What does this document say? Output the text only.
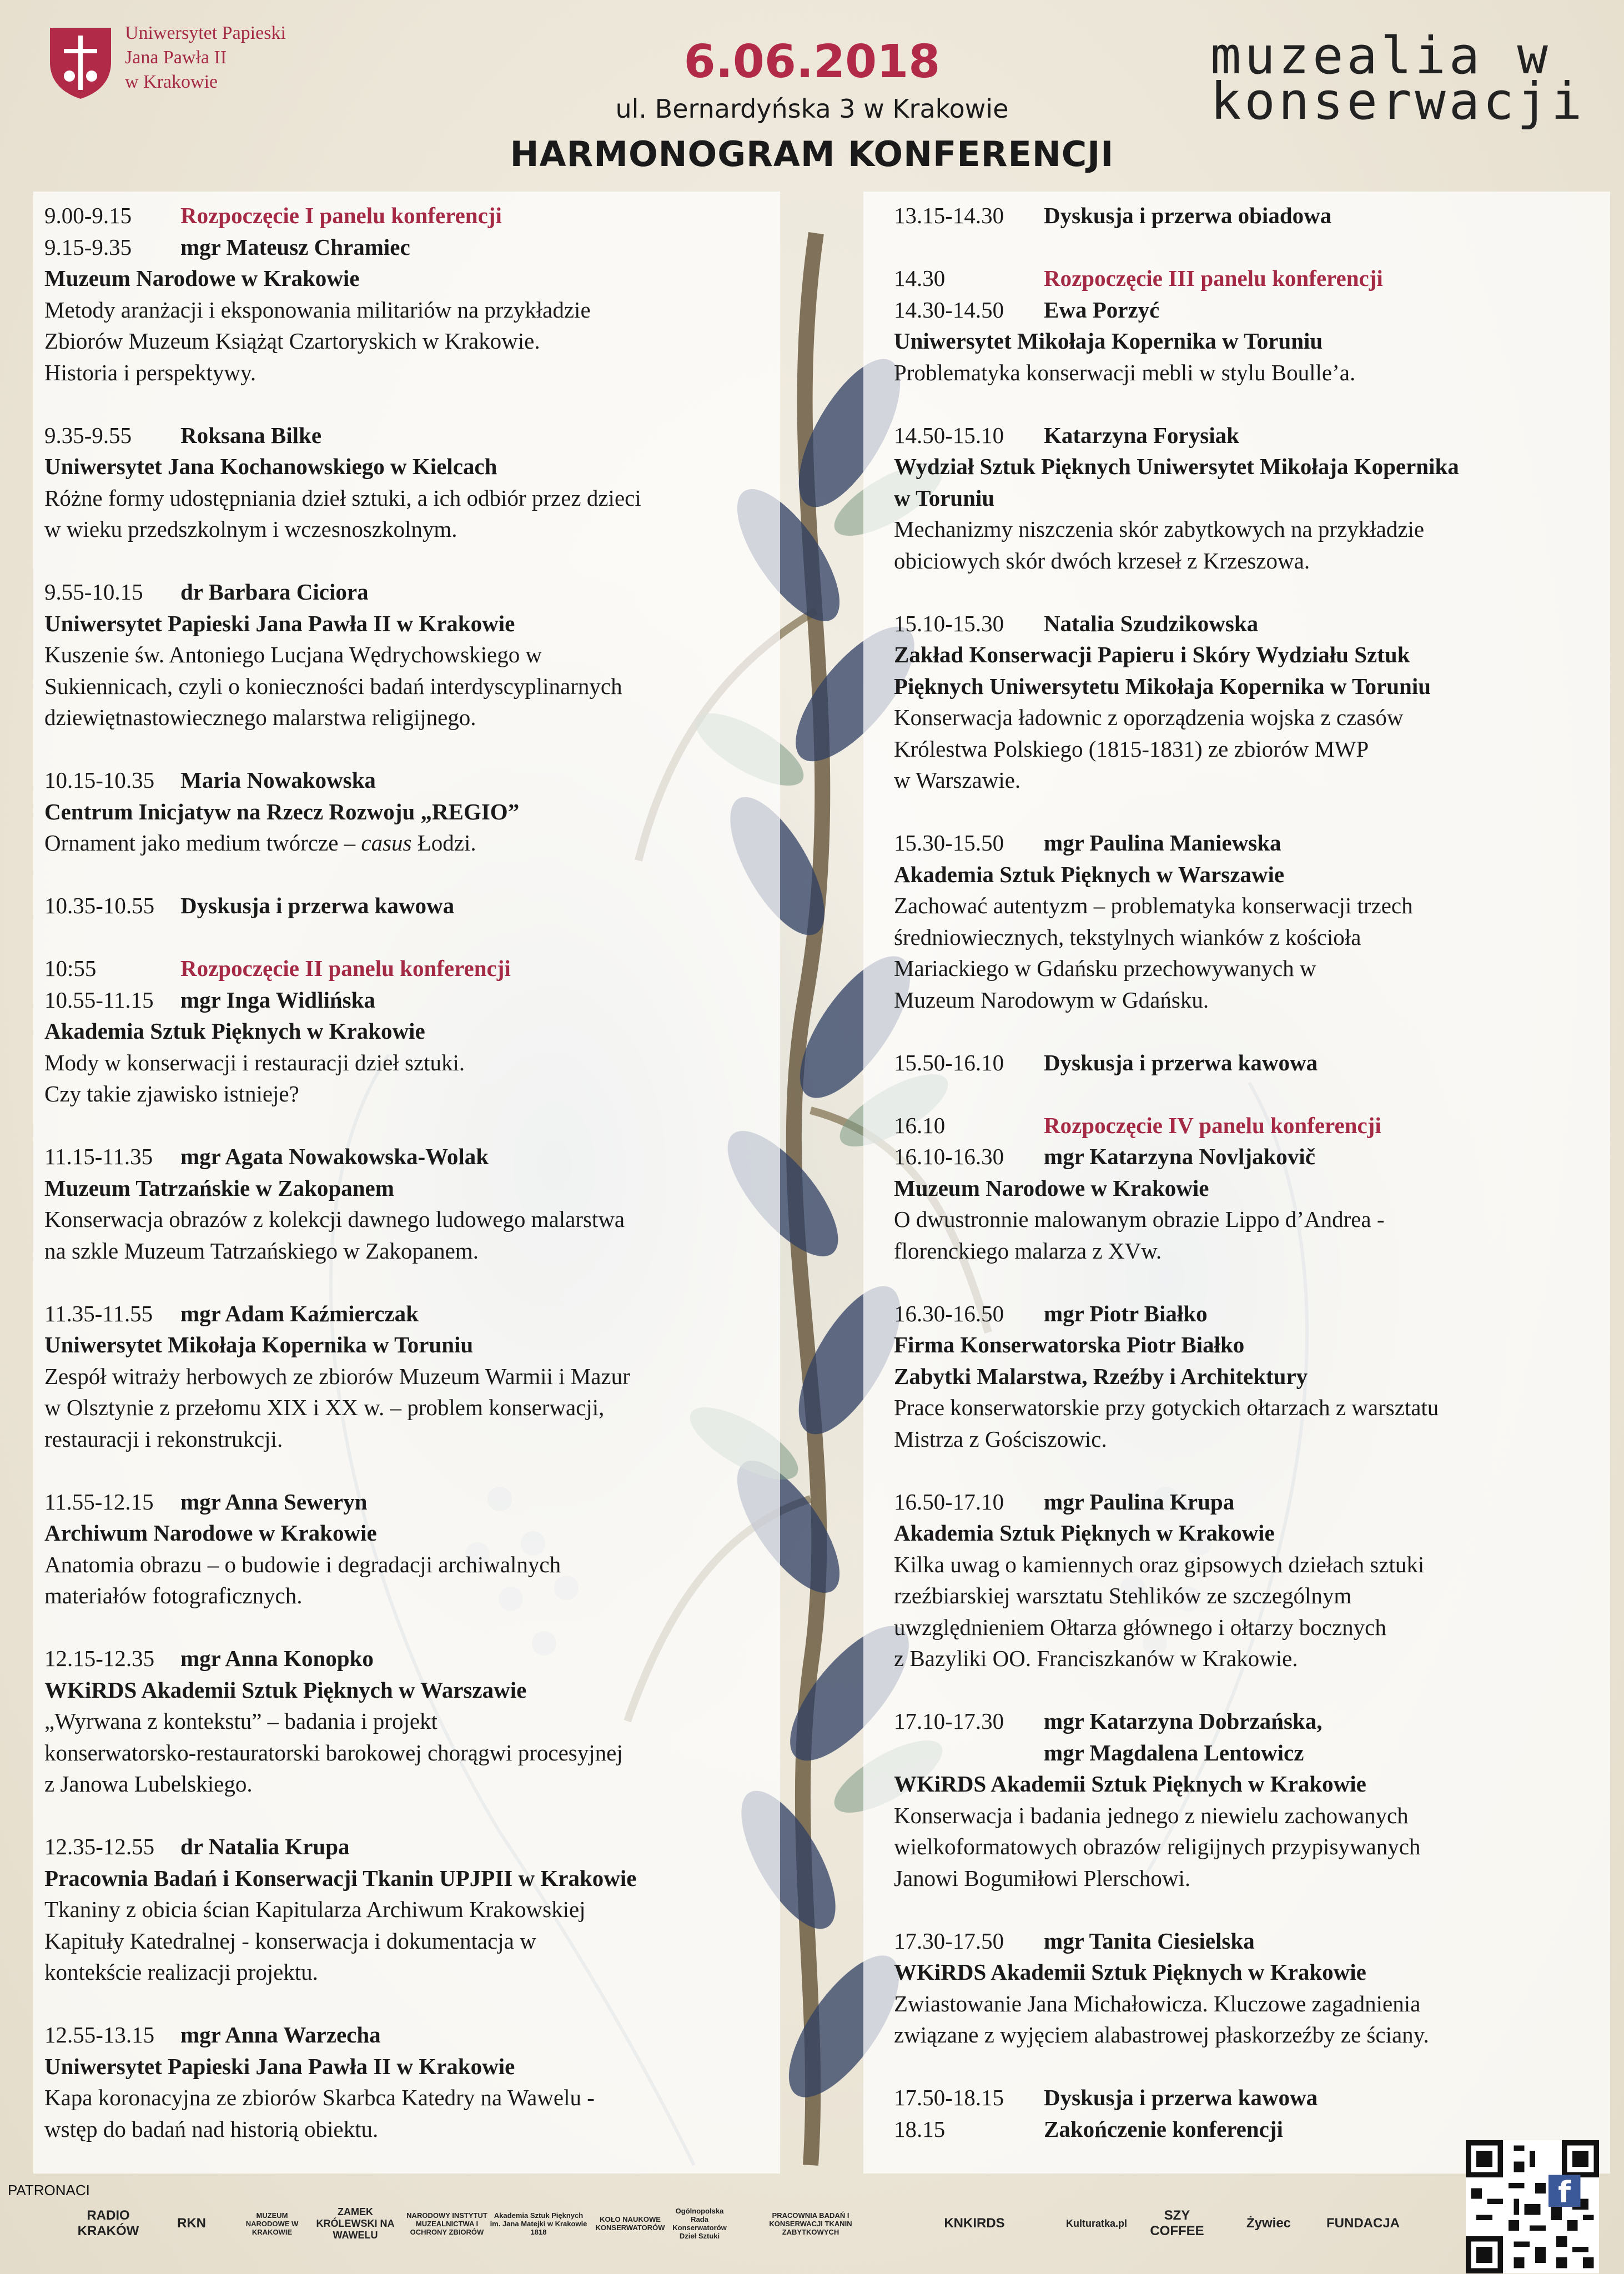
Uniwersytet Papieski
Jana Pawła II
w Krakowie	6.06.2018
ul. Bernardyńska 3 w Krakowie
HARMONOGRAM KONFERENCJI
muzealia w
konserwacji
9.00-9.15 Rozpoczęcie I panelu konferencji
9.15-9.35 mgr Mateusz Chramiec
Muzeum Narodowe w Krakowie
Metody aranżacji i eksponowania militariów na przykładzie
Zbiorów Muzeum Książąt Czartoryskich w Krakowie.
Historia i perspektywy.
9.35-9.55 Roksana Bilke
Uniwersytet Jana Kochanowskiego w Kielcach
Różne formy udostępniania dzieł sztuki, a ich odbiór przez dzieci
w wieku przedszkolnym i wczesnoszkolnym.
9.55-10.15 dr Barbara Ciciora
Uniwersytet Papieski Jana Pawła II w Krakowie
Kuszenie św. Antoniego Lucjana Wędrychowskiego w
Sukiennicach, czyli o konieczności badań interdyscyplinarnych
dziewiętnastowiecznego malarstwa religijnego.
10.15-10.35 Maria Nowakowska
Centrum Inicjatyw na Rzecz Rozwoju „REGIO”
Ornament jako medium twórcze – casus Łodzi.
10.35-10.55 Dyskusja i przerwa kawowa
10:55	Rozpoczęcie II panelu konferencji
10.55-11.15 mgr Inga Widlińska
Akademia Sztuk Pięknych w Krakowie
Mody w konserwacji i restauracji dzieł sztuki.
Czy takie zjawisko istnieje?
11.15-11.35 mgr Agata Nowakowska-Wolak
Muzeum Tatrzańskie w Zakopanem
Konserwacja obrazów z kolekcji dawnego ludowego malarstwa
na szkle Muzeum Tatrzańskiego w Zakopanem.
11.35-11.55 mgr Adam Kaźmierczak
Uniwersytet Mikołaja Kopernika w Toruniu
Zespół witraży herbowych ze zbiorów Muzeum Warmii i Mazur
w Olsztynie z przełomu XIX i XX w. – problem konserwacji,
restauracji i rekonstrukcji.
11.55-12.15 mgr Anna Seweryn
Archiwum Narodowe w Krakowie
Anatomia obrazu – o budowie i degradacji archiwalnych
materiałów fotograficznych.
12.15-12.35 mgr Anna Konopko
WKiRDS Akademii Sztuk Pięknych w Warszawie
„Wyrwana z kontekstu” – badania i projekt
konserwatorsko-restauratorski barokowej chorągwi procesyjnej
z Janowa Lubelskiego.
12.35-12.55 dr Natalia Krupa
Pracownia Badań i Konserwacji Tkanin UPJPII w Krakowie
Tkaniny z obicia ścian Kapitularza Archiwum Krakowskiej
Kapituły Katedralnej - konserwacja i dokumentacja w
kontekście realizacji projektu.
12.55-13.15 mgr Anna Warzecha
Uniwersytet Papieski Jana Pawła II w Krakowie
Kapa koronacyjna ze zbiorów Skarbca Katedry na Wawelu -
wstęp do badań nad historią obiektu.
13.15-14.30 Dyskusja i przerwa obiadowa
14.30	Rozpoczęcie III panelu konferencji
14.30-14.50 Ewa Porzyć
Uniwersytet Mikołaja Kopernika w Toruniu
Problematyka konserwacji mebli w stylu Boulle’a.
14.50-15.10 Katarzyna Forysiak
Wydział Sztuk Pięknych Uniwersytet Mikołaja Kopernika
w Toruniu
Mechanizmy niszczenia skór zabytkowych na przykładzie
obiciowych skór dwóch krzeseł z Krzeszowa.
15.10-15.30 Natalia Szudzikowska
Zakład Konserwacji Papieru i Skóry Wydziału Sztuk
Pięknych Uniwersytetu Mikołaja Kopernika w Toruniu
Konserwacja ładownic z oporządzenia wojska z czasów
Królestwa Polskiego (1815-1831) ze zbiorów MWP
w Warszawie.
15.30-15.50 mgr Paulina Maniewska
Akademia Sztuk Pięknych w Warszawie
Zachować autentyzm – problematyka konserwacji trzech
średniowiecznych, tekstylnych wianków z kościoła
Mariackiego w Gdańsku przechowywanych w
Muzeum Narodowym w Gdańsku.
15.50-16.10 Dyskusja i przerwa kawowa
16.10	Rozpoczęcie IV panelu konferencji
16.10-16.30 mgr Katarzyna Novljakovič
Muzeum Narodowe w Krakowie
O dwustronnie malowanym obrazie Lippo d’Andrea -
florenckiego malarza z XVw.
16.30-16.50 mgr Piotr Białko
Firma Konserwatorska Piotr Białko
Zabytki Malarstwa, Rzeźby i Architektury
Prace konserwatorskie przy gotyckich ołtarzach z warsztatu
Mistrza z Gościszowic.
16.50-17.10 mgr Paulina Krupa
Akademia Sztuk Pięknych w Krakowie
Kilka uwag o kamiennych oraz gipsowych dziełach sztuki
rzeźbiarskiej warsztatu Stehlików ze szczególnym
uwzględnieniem Ołtarza głównego i ołtarzy bocznych
z Bazyliki OO. Franciszkanów w Krakowie.
17.10-17.30 mgr Katarzyna Dobrzańska,
mgr Magdalena Lentowicz
WKiRDS Akademii Sztuk Pięknych w Krakowie
Konserwacja i badania jednego z niewielu zachowanych
wielkoformatowych obrazów religijnych przypisywanych
Janowi Bogumiłowi Plerschowi.
17.30-17.50 mgr Tanita Ciesielska
WKiRDS Akademii Sztuk Pięknych w Krakowie
Zwiastowanie Jana Michałowicza. Kluczowe zagadnienia
związane z wyjęciem alabastrowej płaskorzeźby ze ściany.
17.50-18.15 Dyskusja i przerwa kawowa
18.15	Zakończenie konferencji
PATRONACI
RADIO KRAKÓW
RKN
MUZEUM NARODOWE W KRAKOWIE
ZAMEK KRÓLEWSKI NA WAWELU
NARODOWY INSTYTUT MUZEALNICTWA I OCHRONY ZBIORÓW
Akademia Sztuk Pięknych im. Jana Matejki w Krakowie 1818
KOŁO NAUKOWE KONSERWATORÓW
Ogólnopolska Rada Konserwatorów Dzieł Sztuki
PRACOWNIA BADAŃ I KONSERWACJI TKANIN ZABYTKOWYCH
KNKIRDS	Kulturatka.pl
SZY COFFEE
Żywiec	FUNDACJA
f
